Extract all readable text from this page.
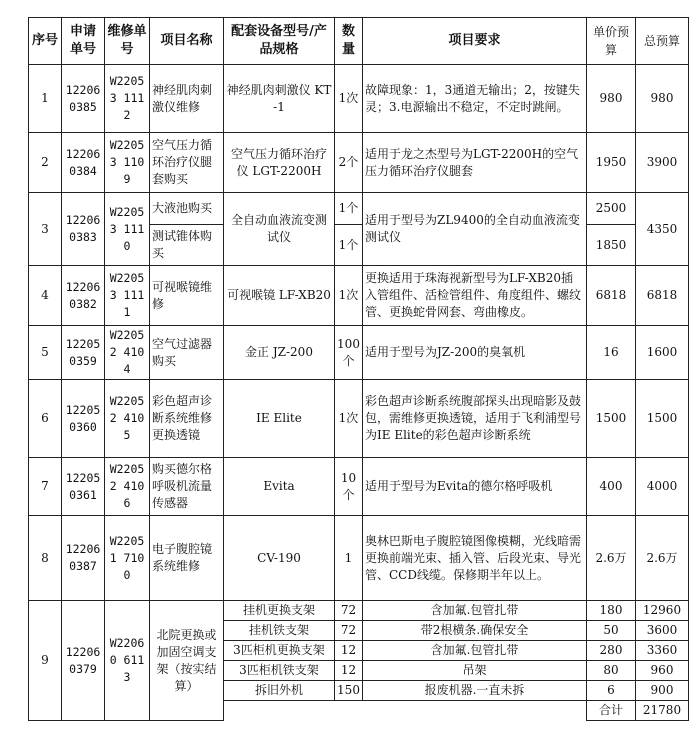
序号	申请单号	维修单号	项目名称	配套设备型号/产品规格	数量	项目要求	单价预算	总预算
1	12206 0385	W22053 1112	神经肌肉刺激仪维修	神经肌肉刺激仪 KT-1	1次	故障现象：1，3通道无输出；2，按键失灵；3.电源输出不稳定，不定时跳闸。	980	980
2	12206 0384	W22053 1109	空气压力循环治疗仪腿套购买	空气压力循环治疗仪 LGT-2200H	2个	适用于龙之杰型号为LGT-2200H的空气压力循环治疗仪腿套	1950	3900
3	12206 0383	W22053 1110	大液池购买	全自动血液流变测试仪	1个	适用于型号为ZL9400的全自动血液流变测试仪	2500	4350
			测试锥体购买		1个		1850	
4	12206 0382	W22053 1111	可视喉镜维修	可视喉镜 LF-XB20	1次	更换适用于珠海视新型号为LF-XB20插入管组件、活检管组件、角度组件、螺纹管、更换蛇骨网套、弯曲橡皮。	6818	6818
5	12205 0359	W22052 4104	空气过滤器购买	金正 JZ-200	100个	适用于型号为JZ-200的臭氧机	16	1600
6	12205 0360	W22052 4105	彩色超声诊断系统维修更换透镜	IE Elite	1次	彩色超声诊断系统腹部探头出现暗影及鼓包，需维修更换透镜，适用于飞利浦型号为IE Elite的彩色超声诊断系统	1500	1500
7	12205 0361	W22052 4106	购买德尔格呼吸机流量传感器	Evita	10个	适用于型号为Evita的德尔格呼吸机	400	4000
8	12206 0387	W22051 7100	电子腹腔镜系统维修	CV-190	1	奥林巴斯电子腹腔镜图像模糊，光线暗需更换前端光束、插入管、后段光束、导光管、CCD线缆。保修期半年以上。	2.6万	2.6万
9	12206 0379	W22060 6113	北院更换或加固空调支架（按实结算）	挂机更换支架	72	含加氟.包管扎带	180	12960
				挂机铁支架	72	带2根横条.确保安全	50	3600
				3匹柜机更换支架	12	含加氟.包管扎带	280	3360
				3匹柜机铁支架	12	吊架	80	960
				拆旧外机	150	报废机器.一直未拆	6	900
							合计	21780
